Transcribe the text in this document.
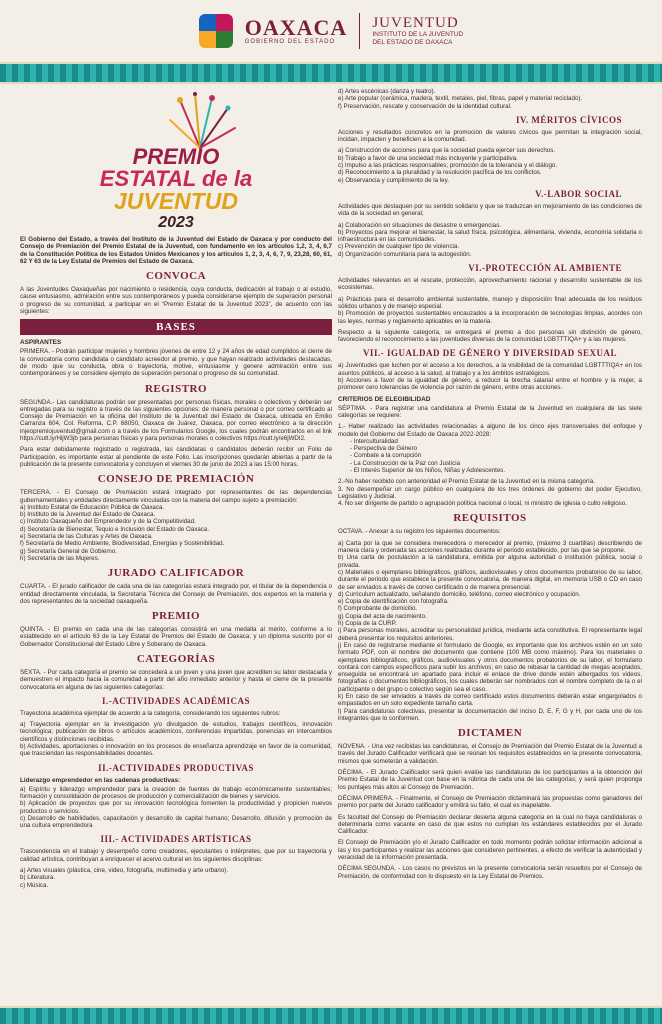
OAXACA
GOBIERNO DEL ESTADO
JUVENTUD
INSTITUTO DE LA JUVENTUD
DEL ESTADO DE OAXACA
PREMIO
ESTATAL de la
JUVENTUD
2023

El Gobierno del Estado, a través del Instituto de la Juventud del Estado de Oaxaca y por conducto del Consejo de Premiación del Premio Estatal de la Juventud, con fundamento en los artículos 1,2, 3, 4, 6,7 de la Constitución Política de los Estados Unidos Mexicanos y los artículos 1, 2, 3, 4, 6, 7, 9, 23,28, 60, 61, 62 Y 63 de la Ley Estatal de Premios del Estado de Oaxaca.

CONVOCA

A las Juventudes Oaxaqueñas por nacimiento o residencia, cuya conducta, dedicación al trabajo o al estudio, cause entusiasmo, admiración entre sus contemporáneos y pueda considerarse ejemplo de superación personal o progreso de su comunidad, a participar en el “Premio Estatal de la Juventud 2023”, de acuerdo con las siguientes:

BASES
ASPIRANTES

PRIMERA. - Podrán participar mujeres y hombres jóvenes de entre 12 y 24 años de edad cumplidos al cierre de la convocatoria como candidata o candidato acreedor al premio, y que hayan realizado actividades destacadas, de modo que su conducta, obra o trayectoria, motive, entusiasme y genere admiración entre sus contemporáneos y se considere ejemplo de superación personal o progreso de su comunidad.

REGISTRO

SEGUNDA.- Las candidaturas podrán ser presentadas por personas físicas, morales o colectivos y deberán ser entregadas para su registro a través de las siguientes opciones: de manera personal o por correo certificado al Consejo de Premiación en la oficina del Instituto de la Juventud del Estado de Oaxaca, ubicada en Emilio Carranza 604, Col. Reforma, C.P. 68050, Oaxaca de Juárez, Oaxaca, por correo electrónico a la dirección injeopremiojuventud@gmail.com o a través de los Formularios Google, los cuales podrán encontrarlos en el link https://cutt.ly/HijW3jb para personas físicas y para personas morales o colectivos https://cutt.ly/e6jWDI2.

Para estar debidamente registrado o registrada, las candidatas o candidatos deberán recibir un Folio de Participación, es importante estar al pendiente de este Folio. Las inscripciones quedarán abiertas a partir de la publicación de la presente convocatoria y concluyen el viernes 30 de junio de 2023 a las 15:00 horas.

CONSEJO DE PREMIACIÓN

TERCERA. - El Consejo de Premiación estará integrado por representantes de las dependencias gubernamentales y entidades directamente vinculadas con la materia del campo sujeto a premiación:

a) Instituto Estatal de Educación Pública de Oaxaca.
b) Instituto de la Juventud del Estado de Oaxaca.
c) Instituto Oaxaqueño del Emprendedor y de la Competitividad.
d) Secretaría de Bienestar, Tequio e Inclusión del Estado de Oaxaca.
e) Secretaría de las Culturas y Artes de Oaxaca.
f) Secretaría de Medio Ambiente, Biodiversidad, Energías y Sostenibilidad.
g) Secretaría General de Gobierno.
h) Secretaría de las Mujeres.
JURADO CALIFICADOR

CUARTA. - El jurado calificador de cada una de las categorías estará integrado por, el titular de la dependencia o entidad directamente vinculada, la Secretaría Técnica del Consejo de Premiación, dos expertos en la materia y dos representantes de la sociedad oaxaqueña.

PREMIO

QUINTA. - El premio en cada una de las categorías consistirá en una medalla al mérito, conforme a lo establecido en el artículo 63 de la Ley Estatal de Premios del Estado de Oaxaca; y un diploma suscrito por el Gobernador Constitucional del Estado Libre y Soberano de Oaxaca.

CATEGORÍAS

SEXTA. - Por cada categoría el premio se concederá a un joven y una joven que acrediten su labor destacada y demuestren el impacto hacia la comunidad a partir del año inmediato anterior y hasta el cierre de la presente convocatoria en alguna de las siguientes categorías:

I.-ACTIVIDADES ACADÉMICAS

Trayectoria académica ejemplar de acuerdo a la categoría, considerando los siguientes rubros:

a) Trayectoria ejemplar en la investigación y/o divulgación de estudios, trabajos científicos, innovación tecnológica; publicación de libros o artículos académicos, conferencias impartidas, ponencias en intercambios científicos y distinciones recibidas.

b) Actividades, aportaciones o innovación en los procesos de enseñanza aprendizaje en favor de la comunidad, que trasciendan las responsabilidades docentes.

II.-ACTIVIDADES PRODUCTIVAS
Liderazgo emprendedor en las cadenas productivas:

a) Espíritu y liderazgo emprendedor para la creación de fuentes de trabajo económicamente sustentables; formación y consolidación de procesos de producción y comercialización de bienes y servicios.

b) Aplicación de proyectos que por su innovación tecnológica fomenten la productividad y propicien nuevos productos o servicios.

c) Desarrollo de habilidades, capacitación y desarrollo de capital humano; Desarrollo, difusión y promoción de una cultura emprendedora

III.- ACTIVIDADES ARTÍSTICAS

Trascendencia en el trabajo y desempeño como creadores, ejecutantes o intérpretes, que por su trayectoria y calidad artística, contribuyan a enriquecer el acervo cultural en los siguientes disciplinas:

a) Artes visuales (plástica, cine, video, fotografía, multimedia y arte urbano).
b) Literatura.
c) Música.
d) Artes escénicas (danza y teatro).
e) Arte popular (cerámica, madera, textil, metales, piel, fibras, papel y material reciclado).
f) Preservación, rescate y conservación de la identidad cultural.
IV. MÉRITOS CÍVICOS

Acciones y resultados concretos en la promoción de valores cívicos que permitan la integración social, incidan, impacten y beneficien a la comunidad.

a) Construcción de acciones para que la sociedad pueda ejercer sus derechos.
b) Trabajo a favor de una sociedad más incluyente y participativa.
c) Impulso a las prácticas responsables; promoción de la tolerancia y el diálogo.
d) Reconocimiento a la pluralidad y la resolución pacífica de los conflictos.
e) Observancia y cumplimiento de la ley.
V.-LABOR SOCIAL

Actividades que destaquen por su sentido solidario y que se traduzcan en mejoramiento de las condiciones de vida de la sociedad en general;

a) Colaboración en situaciones de desastre o emergencias.

b) Proyectos para mejorar el bienestar, la salud física, psicológica, alimentaria, vivienda, economía solidaria o infraestructura en las comunidades.

c) Prevención de cualquier tipo de violencia.
d) Organización comunitaria para la autogestión.
VI.-PROTECCIÓN AL AMBIENTE

Actividades relevantes en el rescate, protección, aprovechamiento racional y desarrollo sustentable de los ecosistemas.

a) Prácticas para el desarrollo ambiental sustentable, manejo y disposición final adecuada de los residuos sólidos urbanos y de manejo especial.

b) Promoción de proyectos sustentables encauzados a la incorporación de tecnologías limpias, acordes con las leyes, normas y reglamento aplicables en la materia.

Respecto a la siguiente categoría, se entregará el premio a dos personas sin distinción de género, favoreciendo el reconocimiento a las juventudes diversas de la comunidad LGBTTTIQA+ y a las mujeres.

VII.- IGUALDAD DE GÉNERO Y DIVERSIDAD SEXUAL

a) Juventudes que luchen por el acceso a los derechos, a la visibilidad de la comunidad LGBTTTIQA+ en los asuntos públicos, al acceso a la salud, al trabajo y a los ámbitos estratégicos.

b) Acciones a favor de la igualdad de género, a reducir la brecha salarial entre el hombre y la mujer, a promover cero tolerancias de violencia por razón de género, entre otras acciones.

CRITERIOS DE ELEGIBILIDAD

SÉPTIMA. - Para registrar una candidatura al Premio Estatal de la Juventud en cualquiera de las siete categorías se requiere:

1.- Haber realizado las actividades relacionadas a alguno de los cinco ejes transversales del enfoque y modelo del Gobierno del Estado de Oaxaca 2022-2028:

- Interculturalidad
- Perspectiva de Género
- Combate a la corrupción
- La Construcción de la Paz con Justicia
- El Interés Superior de los Niños, Niñas y Adolescentes.

2.-No haber recibido con anterioridad el Premio Estatal de la Juventud en la misma categoría.

3. No desempeñar un cargo público en cualquiera de los tres órdenes de gobierno del poder Ejecutivo, Legislativo y Judicial.

4. No ser dirigente de partido o agrupación política nacional o local, ni ministro de iglesia o culto religioso.

REQUISITOS

OCTAVA. - Anexar a su registro los siguientes documentos:

a) Carta por la que se considera merecedora o merecedor al premio, (máximo 3 cuartillas) describiendo de manera clara y ordenada las acciones realizadas durante el periodo establecido, por las que se propone.

b) Una carta de postulación a la candidatura, emitida por alguna autoridad o institución pública, social o privada.

c) Materiales o ejemplares bibliográficos, gráficos, audiovisuales y otros documentos probatorios de su labor, durante el periodo que establece la presente convocatoria, de manera digital, en memoria USB o CD en caso de ser enviados a través de correo certificado o de manera presencial.

d) Curriculum actualizado, señalando domicilio, teléfono, correo electrónico y ocupación.

e) Copia de identificación con fotografía.

f) Comprobante de domicilio.

g) Copia del acta de nacimiento.

h) Copia de la CURP.

i) Para personas morales, acreditar su personalidad jurídica, mediante acta constitutiva. El representante legal deberá presentar los requisitos anteriores.

j) En caso de registrarse mediante el formulario de Google, es importante que los archivos estén en un solo formato PDF, con el nombre del documento que contiene (100 MB como máximo). Para los materiales o ejemplares bibliográficos, gráficos, audiovisuales y otros documentos probatorios de su labor, el formulario contará con campos específicos para subir los archivos; en caso de rebasar la cantidad de megas aceptados, enseguida se encontrará un apartado para incluir el enlace de drive donde estén albergados los videos, fotografías o documentos bibliográficos, los cuales deberán ser nombrados con el nombre completo de la o el participante o del grupo o colectivo según sea el caso.

k) En caso de ser enviados a través de correo certificado estos documentos deberán estar engargolados o empastados en un solo expediente tamaño carta.

l) Para candidaturas colectivas, presentar la documentación del inciso D, E, F, G y H, por cada uno de los integrantes que lo conformen.

DICTAMEN

NOVENA. - Una vez recibidas las candidaturas, el Consejo de Premiación del Premio Estatal de la Juventud a través del Jurado Calificador verificará que se reúnan los requisitos establecidos en la presente convocatoria, mismos que someterán a validación.

DÉCIMA. - El Jurado Calificador será quien evalúe las candidaturas de los participantes a la obtención del Premio Estatal de la Juventud con base en la rúbrica de cada una de las categorías; y será quien proponga los puntajes más altos al Consejo de Premiación.

DÉCIMA PRIMERA. - Finalmente, el Consejo de Premiación dictaminará las propuestas como ganadores del premio por parte del Jurado calificador y emitirá su fallo, el cual es inapelable.

Es facultad del Consejo de Premiación declarar desierta alguna categoría en la cual no haya candidaturas o determinarla como vacante en caso de que estos no cumplan los estándares establecidos por el Jurado Calificador.

El Consejo de Premiación y/o el Jurado Calificador en todo momento podrán solicitar información adicional a las y los participantes y realizar las acciones que consideren pertinentes, a efecto de verificar la autenticidad y veracidad de la información presentada.

DÉCIMA SEGUNDA. - Los casos no previstos en la presente convocatoria serán resueltos por el Consejo de Premiación, de conformidad con lo dispuesto en la Ley Estatal de Premios.
